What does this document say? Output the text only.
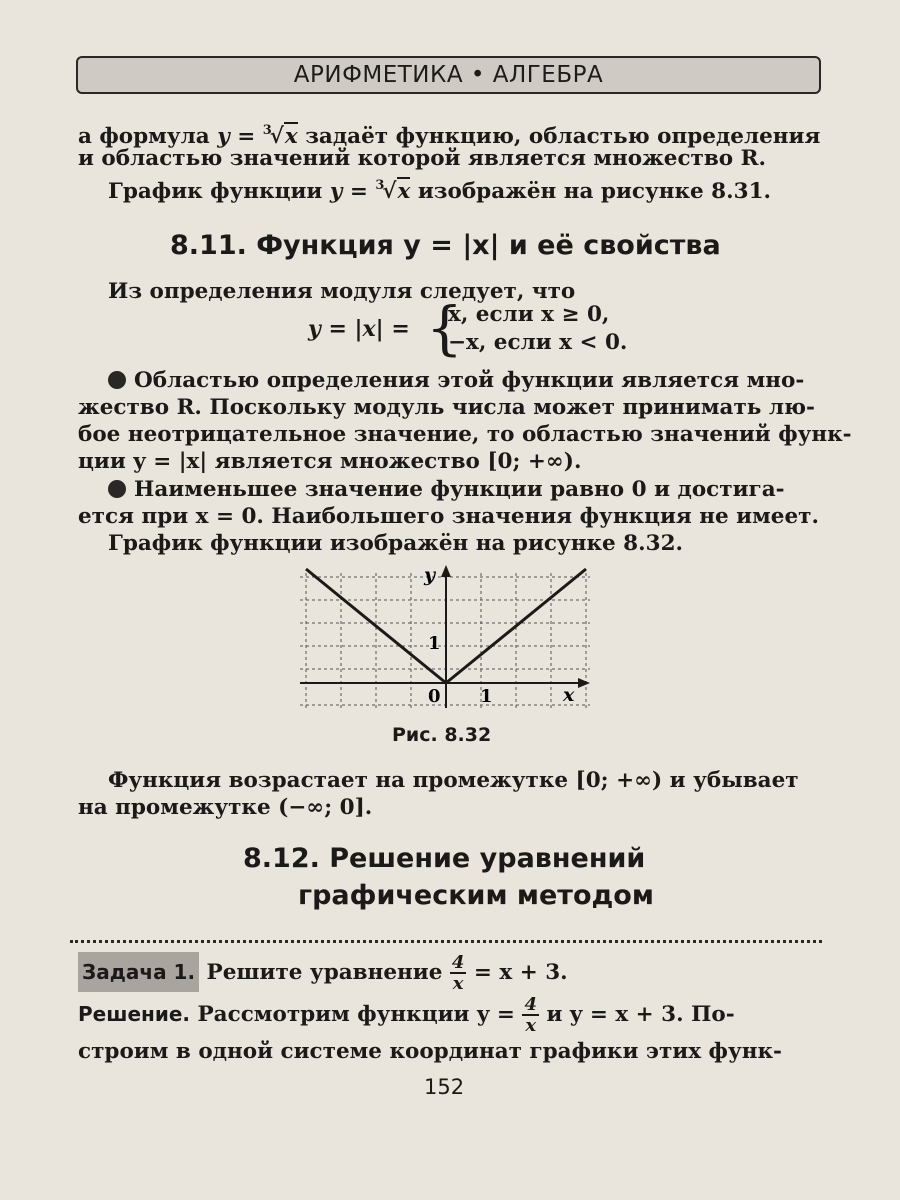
АРИФМЕТИКА • АЛГЕБРА
а формула y = $^3$√x задаёт функцию, областью определения
и областью значений которой является множество R.
График функции y = $^3$√x изображён на рисунке 8.31.
8.11. Функция y = |x| и её свойства
Из определения модуля следует, что
y = |x| = {
x, если x ≥ 0,
−x, если x < 0.
Областью определения этой функции является мно-
жество R. Поскольку модуль числа может принимать лю-
бое неотрицательное значение, то областью значений функ-
ции y = |x| является множество [0; +∞).
Наименьшее значение функции равно 0 и достига-
ется при x = 0. Наибольшего значения функция не имеет.
График функции изображён на рисунке 8.32.
y
x
0 1
1
Рис. 8.32
Функция возрастает на промежутке [0; +∞) и убывает
на промежутке (−∞; 0].
8.12. Решение уравнений
графическим методом
Задача 1. Решите уравнение $\frac{4}{x} = x + 3$.
Решение. Рассмотрим функции $y = \frac{4}{x}$ и y = x + 3. По-
строим в одной системе координат графики этих функ-
152
